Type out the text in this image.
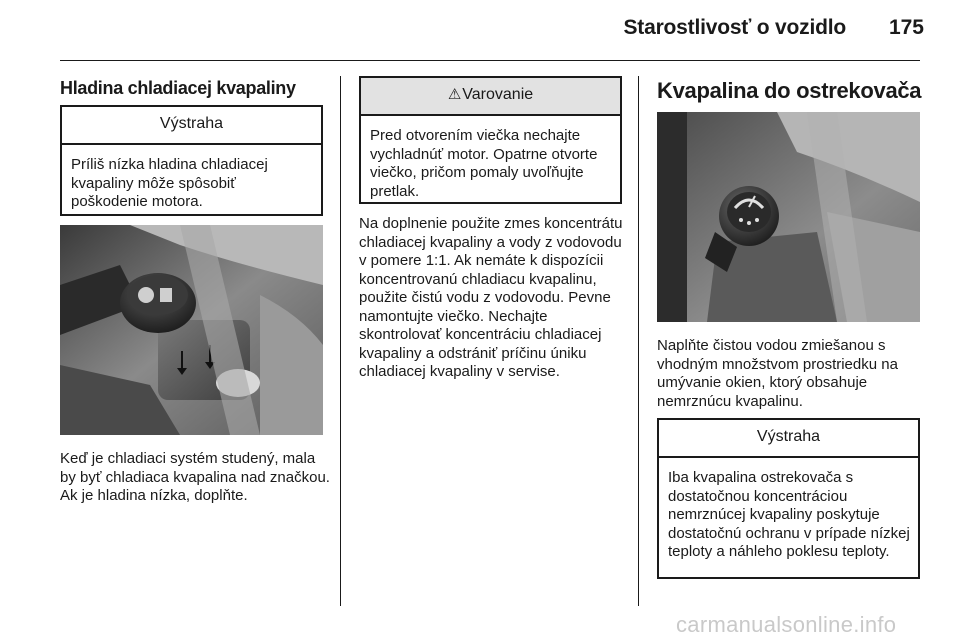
Starostlivosť o vozidlo	175
Hladina chladiacej kvapaliny
Výstraha
Príliš nízka hladina chladiacej kvapaliny môže spôsobiť poškodenie motora.
Keď je chladiaci systém studený, mala by byť chladiaca kvapalina nad značkou. Ak je hladina nízka, doplňte.
⚠Varovanie
Pred otvorením viečka nechajte vychladnúť motor. Opatrne otvorte viečko, pričom pomaly uvoľňujte pretlak.
Na doplnenie použite zmes koncentrátu chladiacej kvapaliny a vody z vodovodu v pomere 1:1. Ak nemáte k dispozícii koncentrovanú chladiacu kvapalinu, použite čistú vodu z vodovodu. Pevne namontujte viečko. Nechajte skontrolovať koncentráciu chladiacej kvapaliny a odstrániť príčinu úniku chladiacej kvapaliny v servise.
Kvapalina do ostrekovača
Naplňte čistou vodou zmiešanou s vhodným množstvom prostriedku na umývanie okien, ktorý obsahuje nemrznúcu kvapalinu.
Výstraha
Iba kvapalina ostrekovača s dostatočnou koncentráciou nemrznúcej kvapaliny poskytuje dostatočnú ochranu v prípade nízkej teploty a náhleho poklesu teploty.
carmanualsonline.info
